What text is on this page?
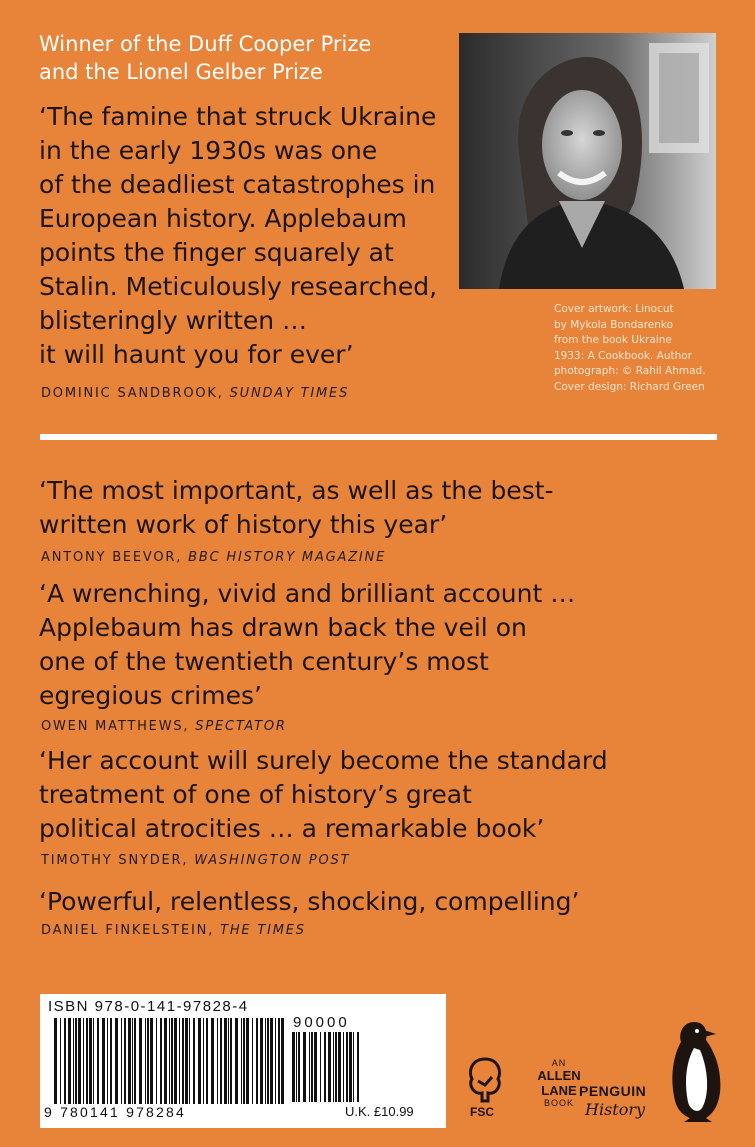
Winner of the Duff Cooper Prize
and the Lionel Gelber Prize
‘The famine that struck Ukraine
in the early 1930s was one
of the deadliest catastrophes in
European history. Applebaum
points the finger squarely at
Stalin. Meticulously researched,
blisteringly written …
it will haunt you for ever’
DOMINIC SANDBROOK, SUNDAY TIMES
Cover artwork: Linocut
by Mykola Bondarenko
from the book Ukraine
1933: A Cookbook. Author
photograph: © Rahil Ahmad.
Cover design: Richard Green
‘The most important, as well as the best-
written work of history this year’
ANTONY BEEVOR, BBC HISTORY MAGAZINE
‘A wrenching, vivid and brilliant account …
Applebaum has drawn back the veil on
one of the twentieth century’s most
egregious crimes’
OWEN MATTHEWS, SPECTATOR
‘Her account will surely become the standard
treatment of one of history’s great
political atrocities … a remarkable book’
TIMOTHY SNYDER, WASHINGTON POST
‘Powerful, relentless, shocking, compelling’
DANIEL FINKELSTEIN, THE TIMES
ISBN 978-0-141-97828-4
90000
9 780141 978284	U.K. £10.99	FSC
AN
ALLEN
LANE
BOOK
PENGUIN
History
